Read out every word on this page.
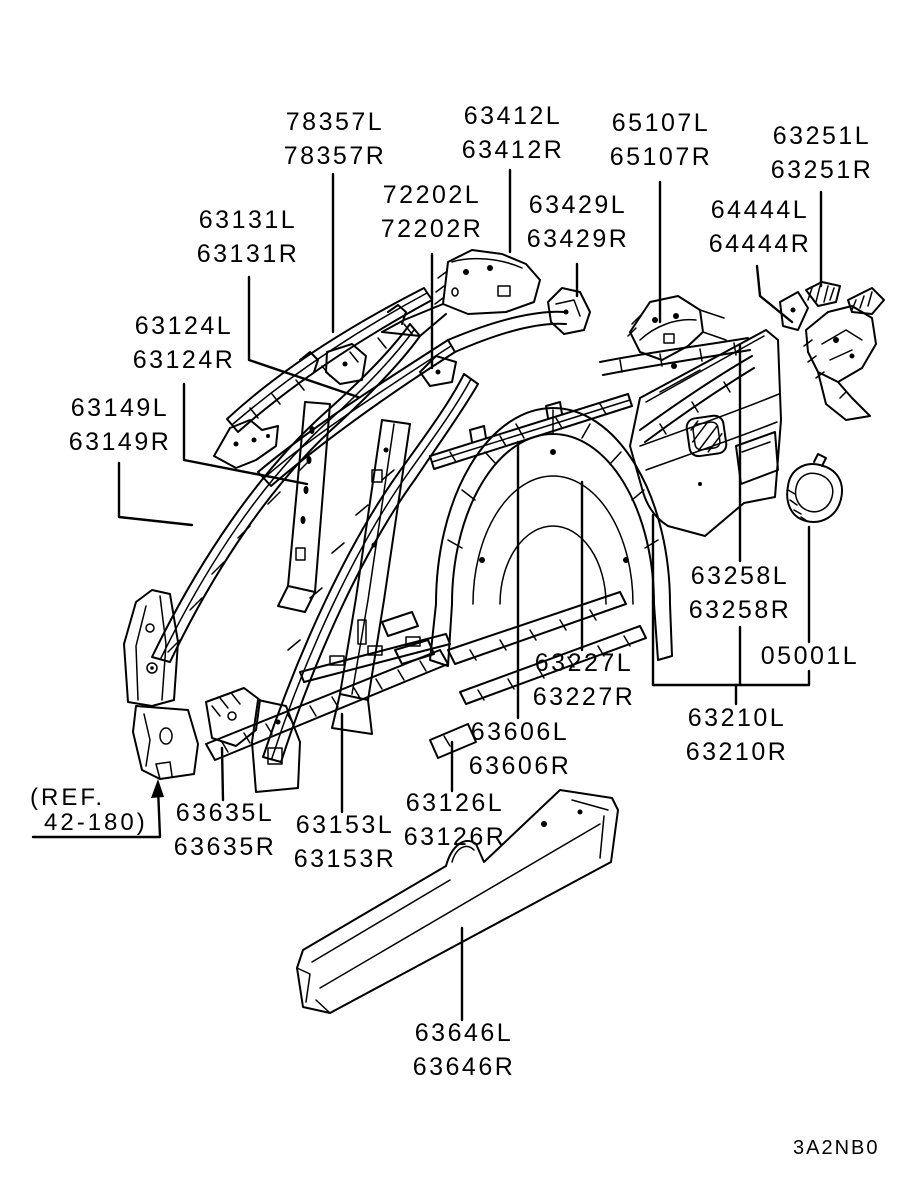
78357L
78357R
63412L
63412R
65107L
65107R
63251L
63251R
63131L
63131R
72202L
72202R
63429L
63429R
64444L
64444R
63124L
63124R
63149L
63149R
63258L
63258R
05001L
63210L
63210R
63227L
63227R
63606L
63606R
63126L
63126R
63153L
63153R
63635L
63635R
63646L
63646R
(REF.
42-180)
3A2NB0
